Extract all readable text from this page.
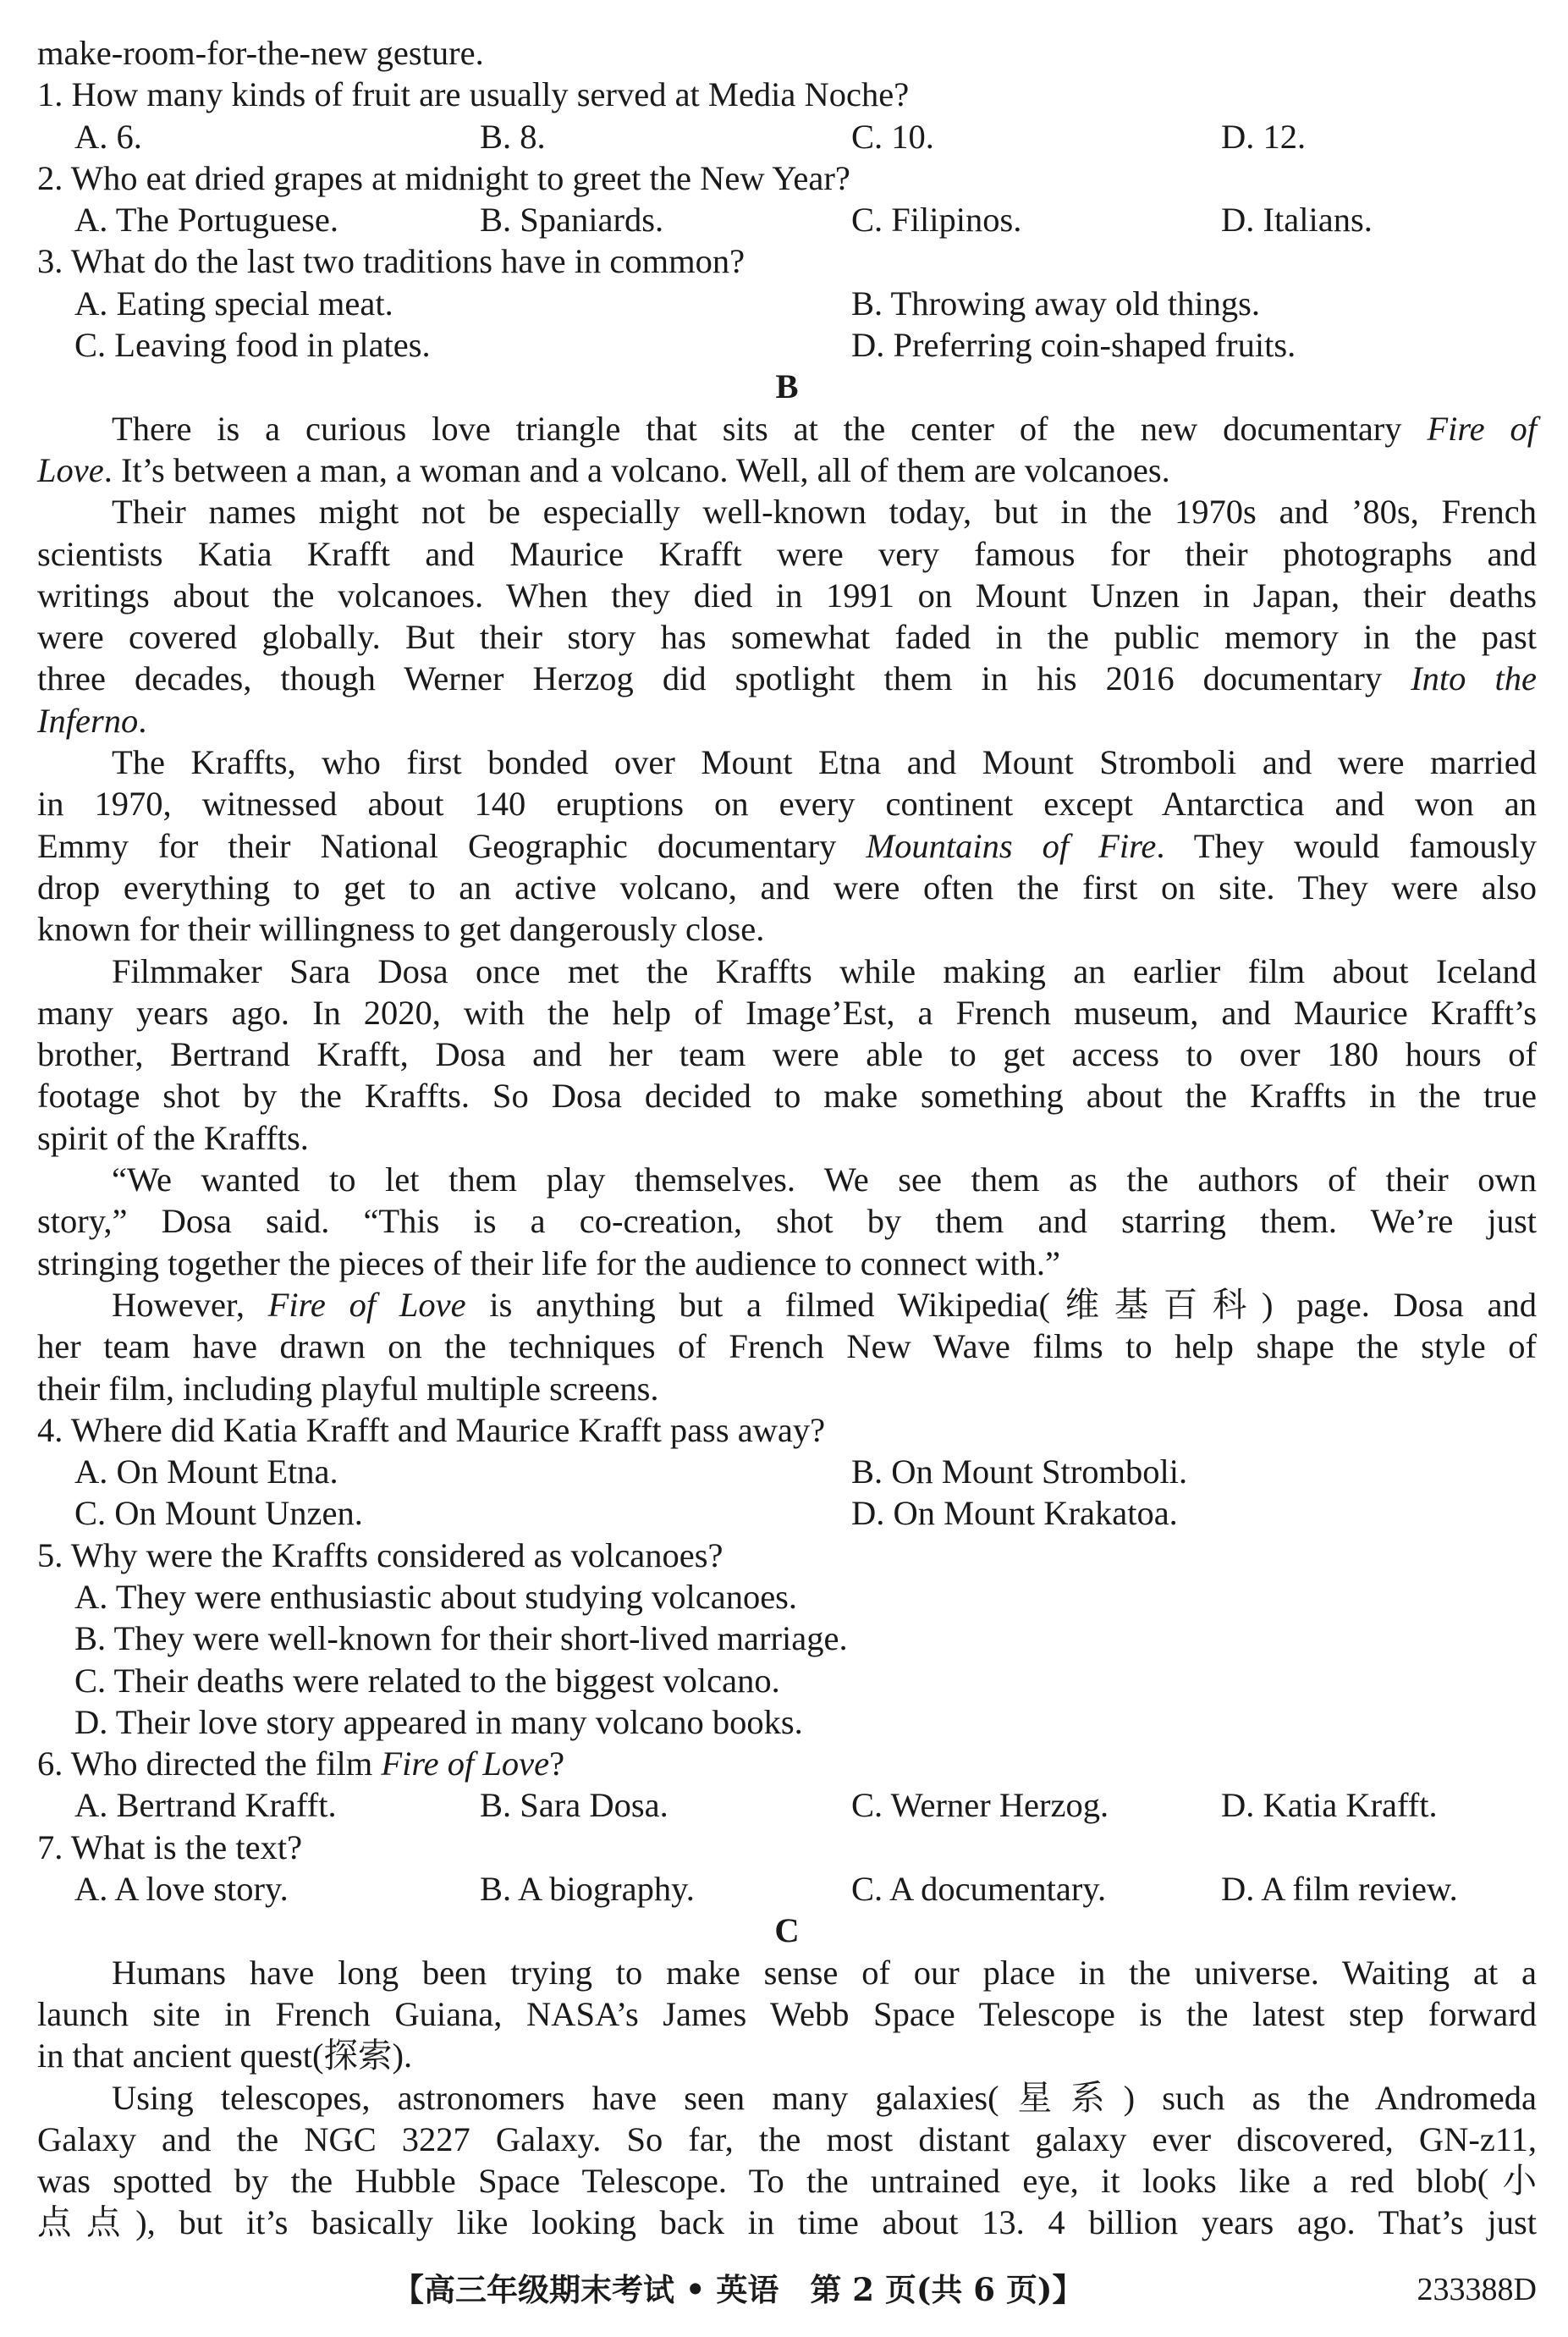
make-room-for-the-new gesture.
1. How many kinds of fruit are usually served at Media Noche?
A. 6.	B. 8.	C. 10.	D. 12.
2. Who eat dried grapes at midnight to greet the New Year?
A. The Portuguese.	B. Spaniards.	C. Filipinos.	D. Italians.
3. What do the last two traditions have in common?
A. Eating special meat.	B. Throwing away old things.
C. Leaving food in plates.	D. Preferring coin-shaped fruits.
B
There is a curious love triangle that sits at the center of the new documentary Fire of
Love. It’s between a man, a woman and a volcano. Well, all of them are volcanoes.
Their names might not be especially well-known today, but in the 1970s and ’80s, French
scientists Katia Krafft and Maurice Krafft were very famous for their photographs and
writings about the volcanoes. When they died in 1991 on Mount Unzen in Japan, their deaths
were covered globally. But their story has somewhat faded in the public memory in the past
three decades, though Werner Herzog did spotlight them in his 2016 documentary Into the
Inferno.
The Kraffts, who first bonded over Mount Etna and Mount Stromboli and were married
in 1970, witnessed about 140 eruptions on every continent except Antarctica and won an
Emmy for their National Geographic documentary Mountains of Fire. They would famously
drop everything to get to an active volcano, and were often the first on site. They were also
known for their willingness to get dangerously close.
Filmmaker Sara Dosa once met the Kraffts while making an earlier film about Iceland
many years ago. In 2020, with the help of Image’Est, a French museum, and Maurice Krafft’s
brother, Bertrand Krafft, Dosa and her team were able to get access to over 180 hours of
footage shot by the Kraffts. So Dosa decided to make something about the Kraffts in the true
spirit of the Kraffts.
“We wanted to let them play themselves. We see them as the authors of their own
story,” Dosa said. “This is a co-creation, shot by them and starring them. We’re just
stringing together the pieces of their life for the audience to connect with.”
However, Fire of Love is anything but a filmed Wikipedia(维基百科) page. Dosa and
her team have drawn on the techniques of French New Wave films to help shape the style of
their film, including playful multiple screens.
4. Where did Katia Krafft and Maurice Krafft pass away?
A. On Mount Etna.	B. On Mount Stromboli.
C. On Mount Unzen.	D. On Mount Krakatoa.
5. Why were the Kraffts considered as volcanoes?
A. They were enthusiastic about studying volcanoes.
B. They were well-known for their short-lived marriage.
C. Their deaths were related to the biggest volcano.
D. Their love story appeared in many volcano books.
6. Who directed the film Fire of Love?
A. Bertrand Krafft.	B. Sara Dosa.	C. Werner Herzog.	D. Katia Krafft.
7. What is the text?
A. A love story.	B. A biography.	C. A documentary.	D. A film review.
C
Humans have long been trying to make sense of our place in the universe. Waiting at a
launch site in French Guiana, NASA’s James Webb Space Telescope is the latest step forward
in that ancient quest(探索).
Using telescopes, astronomers have seen many galaxies(星系) such as the Andromeda
Galaxy and the NGC 3227 Galaxy. So far, the most distant galaxy ever discovered, GN-z11,
was spotted by the Hubble Space Telescope. To the untrained eye, it looks like a red blob(小
点点), but it’s basically like looking back in time about 13. 4 billion years ago. That’s just
【高三年级期末考试 • 英语　第 2 页(共 6 页)】	233388D
